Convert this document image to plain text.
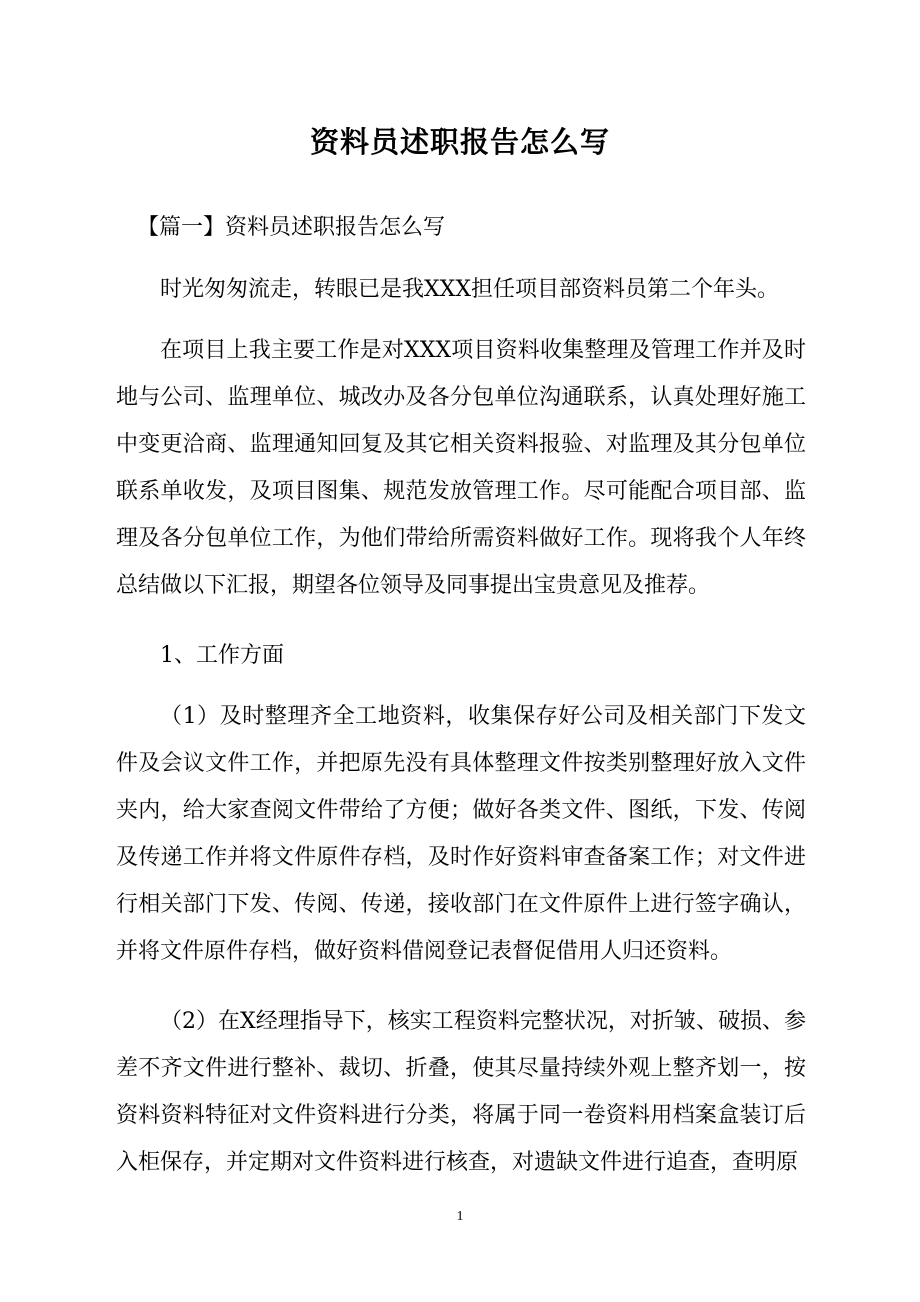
资料员述职报告怎么写

【篇一】资料员述职报告怎么写

时光匆匆流走，转眼已是我XXX担任项目部资料员第二个年头。

在项目上我主要工作是对XXX项目资料收集整理及管理工作并及时地与公司、监理单位、城改办及各分包单位沟通联系，认真处理好施工中变更洽商、监理通知回复及其它相关资料报验、对监理及其分包单位联系单收发，及项目图集、规范发放管理工作。尽可能配合项目部、监理及各分包单位工作，为他们带给所需资料做好工作。现将我个人年终总结做以下汇报，期望各位领导及同事提出宝贵意见及推荐。

1、工作方面

（1）及时整理齐全工地资料，收集保存好公司及相关部门下发文件及会议文件工作，并把原先没有具体整理文件按类别整理好放入文件夹内，给大家查阅文件带给了方便；做好各类文件、图纸，下发、传阅及传递工作并将文件原件存档，及时作好资料审查备案工作；对文件进行相关部门下发、传阅、传递，接收部门在文件原件上进行签字确认，并将文件原件存档，做好资料借阅登记表督促借用人归还资料。

（2）在X经理指导下，核实工程资料完整状况，对折皱、破损、参差不齐文件进行整补、裁切、折叠，使其尽量持续外观上整齐划一，按资料资料特征对文件资料进行分类，将属于同一卷资料用档案盒装订后入柜保存，并定期对文件资料进行核查，对遗缺文件进行追查，查明原

1
